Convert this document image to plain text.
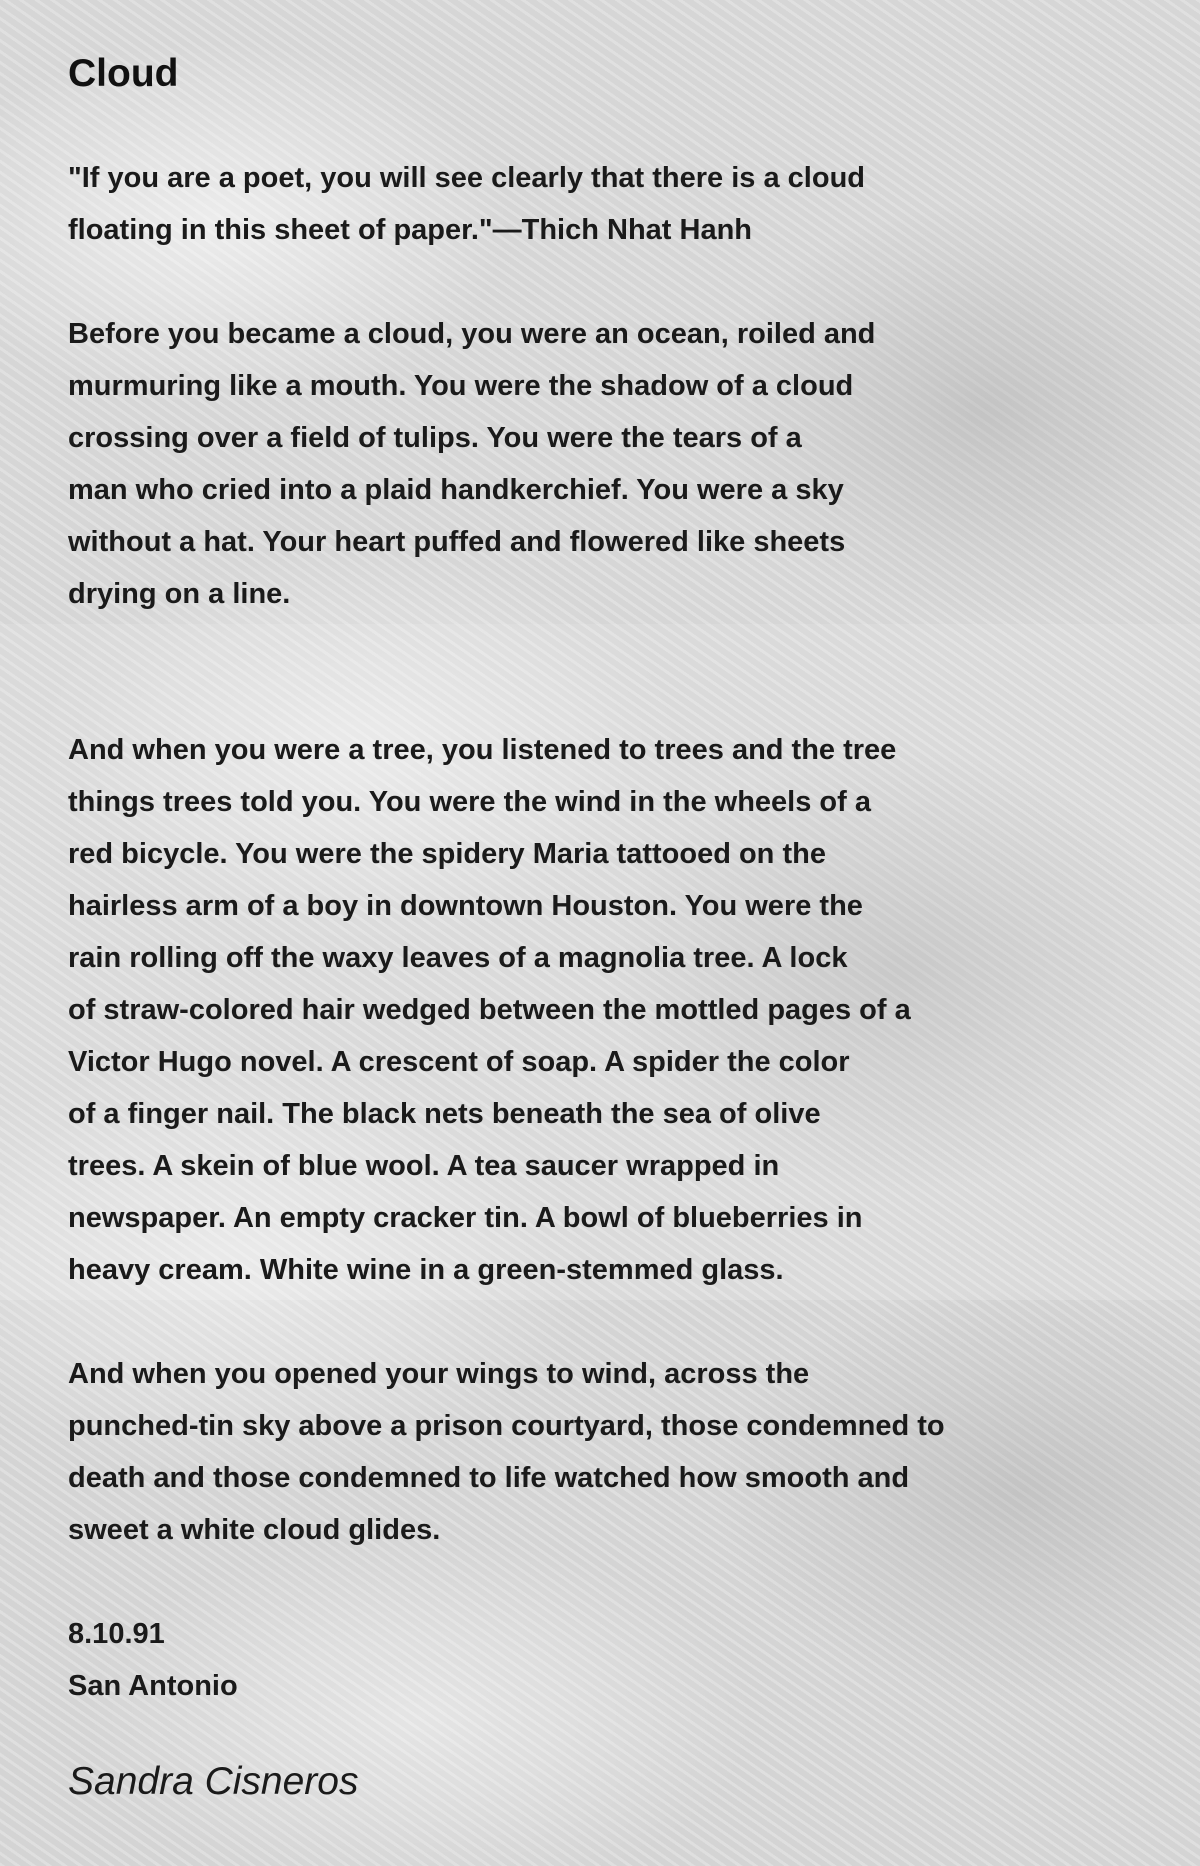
Cloud

"If you are a poet, you will see clearly that there is a cloud
floating in this sheet of paper."—Thich Nhat Hanh

Before you became a cloud, you were an ocean, roiled and
murmuring like a mouth. You were the shadow of a cloud
crossing over a field of tulips. You were the tears of a
man who cried into a plaid handkerchief. You were a sky
without a hat. Your heart puffed and flowered like sheets
drying on a line.

And when you were a tree, you listened to trees and the tree
things trees told you. You were the wind in the wheels of a
red bicycle. You were the spidery Maria tattooed on the
hairless arm of a boy in downtown Houston. You were the
rain rolling off the waxy leaves of a magnolia tree. A lock
of straw-colored hair wedged between the mottled pages of a
Victor Hugo novel. A crescent of soap. A spider the color
of a finger nail. The black nets beneath the sea of olive
trees. A skein of blue wool. A tea saucer wrapped in
newspaper. An empty cracker tin. A bowl of blueberries in
heavy cream. White wine in a green-stemmed glass.

And when you opened your wings to wind, across the
punched-tin sky above a prison courtyard, those condemned to
death and those condemned to life watched how smooth and
sweet a white cloud glides.

8.10.91
San Antonio

Sandra Cisneros
